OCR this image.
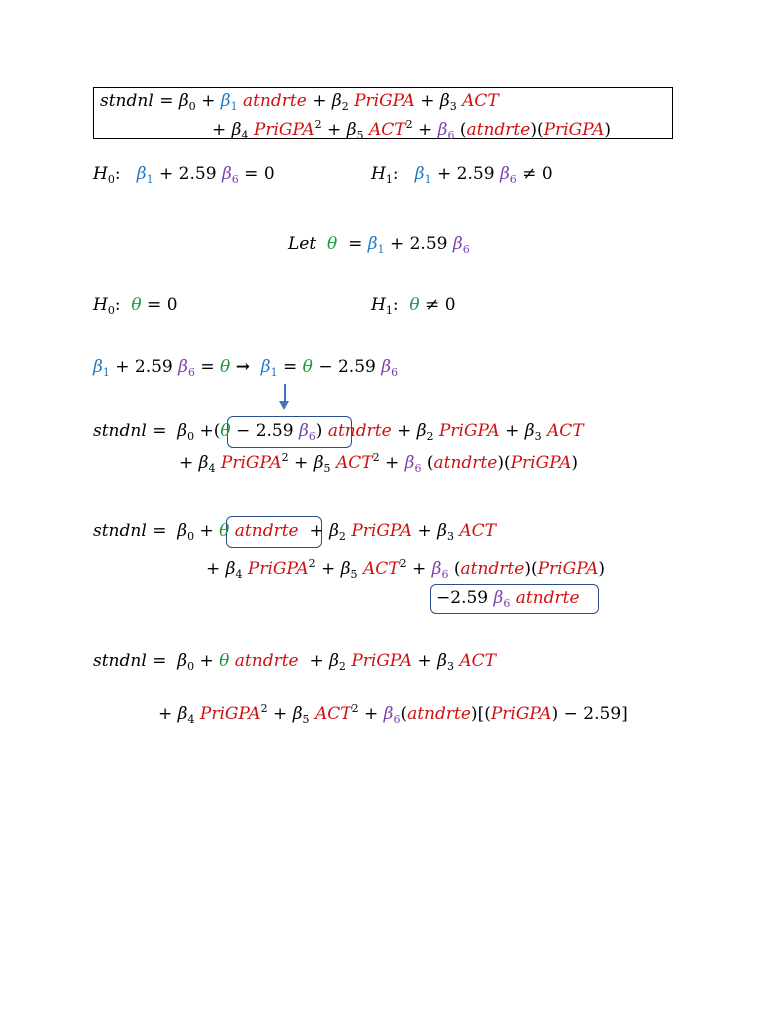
stndnl = $\beta_0 + \beta_1$ atndrte + $\beta_2$ PriGPA + $\beta_3$ ACT
+ $\beta_4$ PriGPA$^2$ + $\beta_5$ $ACT^2 + \beta_6$ (atndrte)(PriGPA)
$H_0$: $\beta_1 + 2.59$ $\beta_6 = 0$	$H_1$: $\beta_1 + 2.59$ $\beta_6 \ne 0$
Let $\theta = \beta_1 + 2.59$ $\beta_6$
$H_0$: θ = 0	$H_1$: θ ≠ 0
$\beta_1 + 2.59$ $\beta_6 = \theta \to \beta_1 = \theta - 2.59$ $\beta_6$
stndnl = $\beta_0 +(\theta - 2.59$ $\beta_6$) atndrte + $\beta_2$ PriGPA + $\beta_3$ ACT
+ $\beta_4$ PriGPA$^2$ + $\beta_5$ $ACT^2 + \beta_6$ (atndrte)(PriGPA)
stndnl = $\beta_0 + \theta$ atndrte + $\beta_2$ PriGPA + $\beta_3$ ACT
+ $\beta_4$ PriGPA$^2$ + $\beta_5$ $ACT^2 + \beta_6$ (atndrte)(PriGPA)
−2.59 $\beta_6$ atndrte
stndnl = $\beta_0 + \theta$ atndrte + $\beta_2$ PriGPA + $\beta_3$ ACT
+ $\beta_4$ PriGPA$^2$ + $\beta_5$ $ACT^2$ + $\beta_6(atndrte)[(PriGPA) - 2.59]$
